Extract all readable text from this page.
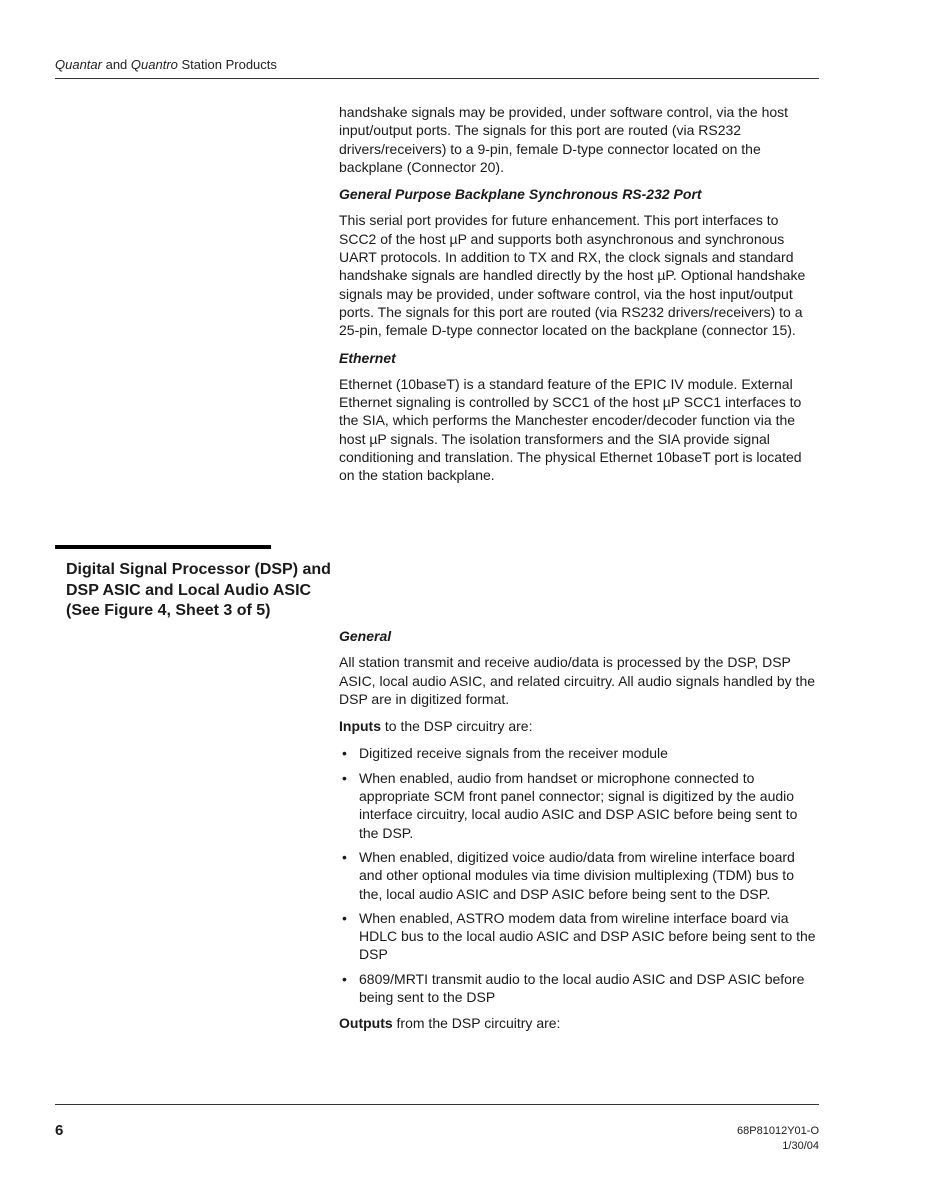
Quantar and Quantro Station Products

handshake signals may be provided, under software control, via the host input/output ports. The signals for this port are routed (via RS232 drivers/receivers) to a 9-pin, female D-type connector located on the backplane (Connector 20).

General Purpose Backplane Synchronous RS-232 Port

This serial port provides for future enhancement. This port interfaces to SCC2 of the host µP and supports both asynchronous and synchronous UART protocols. In addition to TX and RX, the clock signals and standard handshake signals are handled directly by the host µP. Optional handshake signals may be provided, under software control, via the host input/output ports. The signals for this port are routed (via RS232 drivers/receivers) to a 25-pin, female D-type connector located on the backplane (connector 15).

Ethernet

Ethernet (10baseT) is a standard feature of the EPIC IV module. External Ethernet signaling is controlled by SCC1 of the host µP SCC1 interfaces to the SIA, which performs the Manchester encoder/decoder function via the host µP signals. The isolation transformers and the SIA provide signal conditioning and translation. The physical Ethernet 10baseT port is located on the station backplane.

Digital Signal Processor (DSP) and DSP ASIC and Local Audio ASIC (See Figure 4, Sheet 3 of 5)
General

All station transmit and receive audio/data is processed by the DSP, DSP ASIC, local audio ASIC, and related circuitry. All audio signals handled by the DSP are in digitized format.

Inputs to the DSP circuitry are:

• Digitized receive signals from the receiver module
• When enabled, audio from handset or microphone connected to appropriate SCM front panel connector; signal is digitized by the audio interface circuitry, local audio ASIC and DSP ASIC before being sent to the DSP.
• When enabled, digitized voice audio/data from wireline interface board and other optional modules via time division multiplexing (TDM) bus to the, local audio ASIC and DSP ASIC before being sent to the DSP.
• When enabled, ASTRO modem data from wireline interface board via HDLC bus to the local audio ASIC and DSP ASIC before being sent to the DSP
• 6809/MRTI transmit audio to the local audio ASIC and DSP ASIC before being sent to the DSP

Outputs from the DSP circuitry are:

6	68P81012Y01-O
1/30/04
